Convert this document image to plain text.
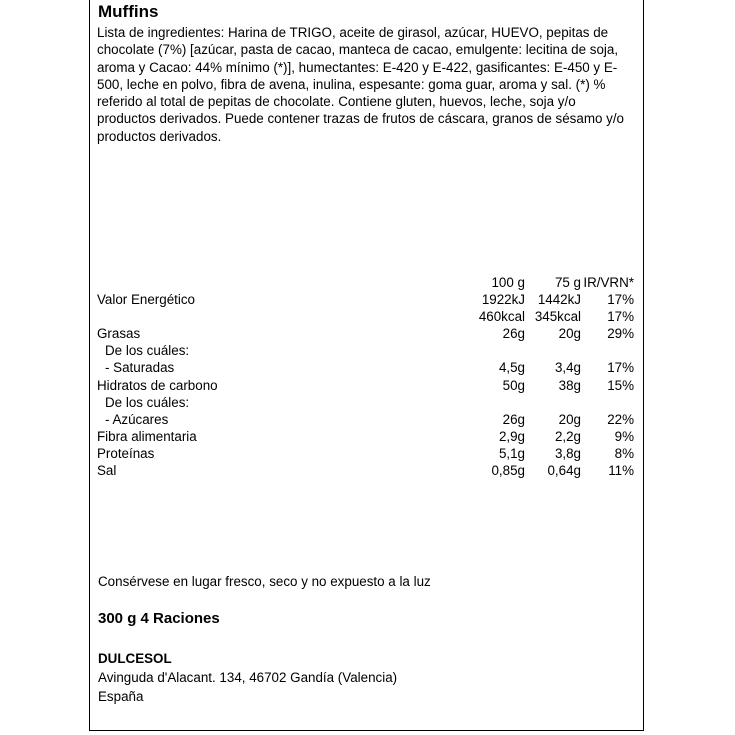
Muffins
Lista de ingredientes: Harina de TRIGO, aceite de girasol, azúcar, HUEVO, pepitas de chocolate (7%) [azúcar, pasta de cacao, manteca de cacao, emulgente: lecitina de soja, aroma y Cacao: 44% mínimo (*)], humectantes: E-420 y E-422, gasificantes: E-450 y E-500, leche en polvo, fibra de avena, inulina, espesante: goma guar, aroma y sal. (*) % referido al total de pepitas de chocolate. Contiene gluten, huevos, leche, soja y/o productos derivados. Puede contener trazas de frutos de cáscara, granos de sésamo y/o productos derivados.
100 g 75 g IR/VRN*
Valor Energético	1922kJ 1442kJ 17%
460kcal 345kcal 17%
Grasas	26g	20g 29%
De los cuáles:
- Saturadas	4,5g 3,4g 17%
Hidratos de carbono	50g	38g 15%
De los cuáles:
- Azúcares	26g	20g 22%
Fibra alimentaria	2,9g 2,2g	9%
Proteínas	5,1g 3,8g	8%
Sal	0,85g 0,64g 11%
Consérvese en lugar fresco, seco y no expuesto a la luz
300 g 4 Raciones
DULCESOL
Avinguda d'Alacant. 134, 46702 Gandía (Valencia)
España
